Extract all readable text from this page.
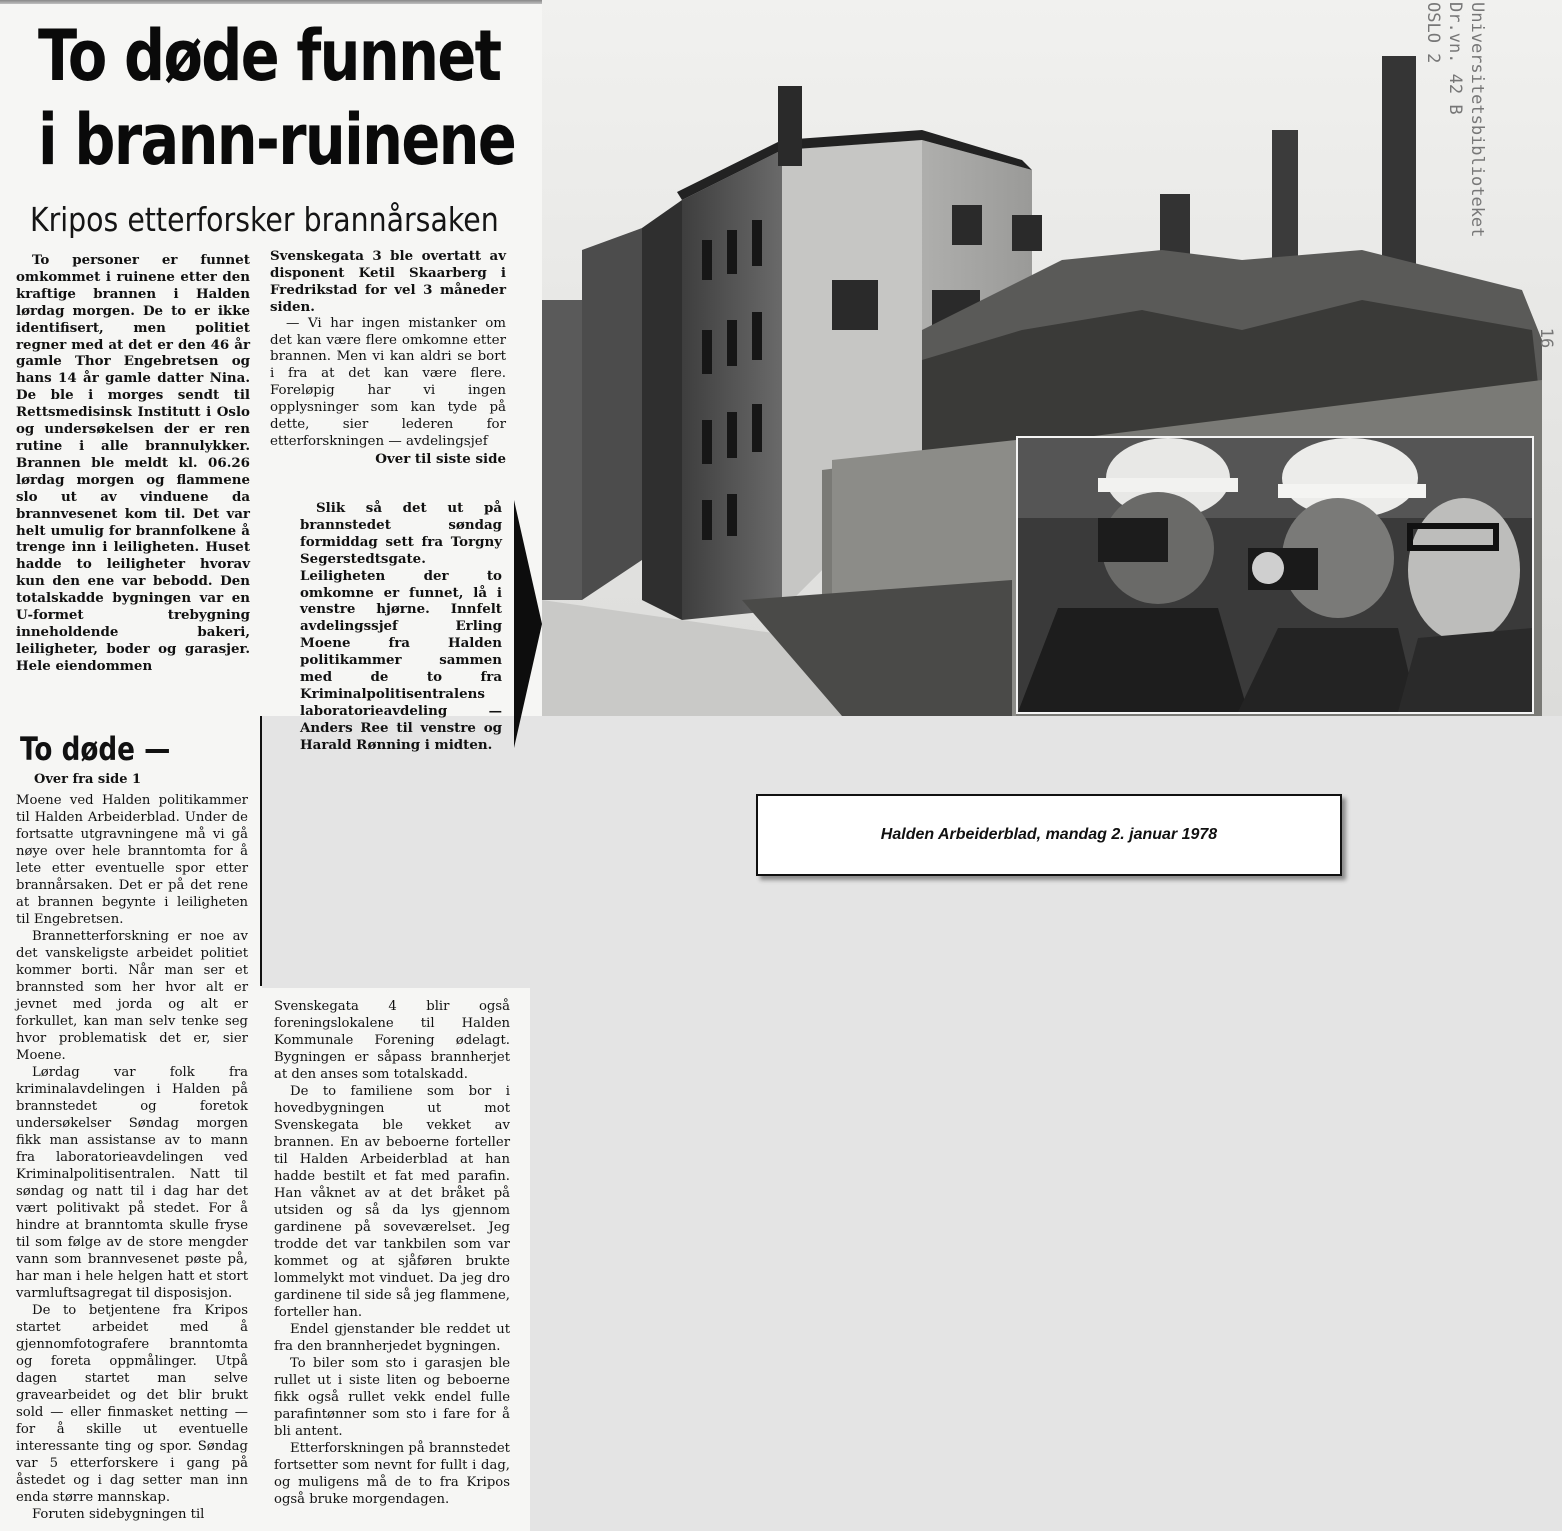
To døde funnet
i brann-ruinene
Kripos etterforsker brannårsaken

To personer er funnet omkommet i ruinene etter den kraftige brannen i Halden lørdag morgen. De to er ikke identifisert, men politiet regner med at det er den 46 år gamle Thor Engebretsen og hans 14 år gamle datter Nina. De ble i morges sendt til Rettsmedisinsk Institutt i Oslo og undersøkelsen der er ren rutine i alle brannulykker. Brannen ble meldt kl. 06.26 lørdag morgen og flammene slo ut av vinduene da brannvesenet kom til. Det var helt umulig for brannfolkene å trenge inn i leiligheten. Huset hadde to leiligheter hvorav kun den ene var bebodd. Den totalskadde bygningen var en U-formet trebygning inneholdende bakeri, leiligheter, boder og garasjer. Hele eiendommen

Svenskegata 3 ble overtatt av disponent Ketil Skaarberg i Fredrikstad for vel 3 måneder siden.

— Vi har ingen mistanker om det kan være flere omkomne etter brannen. Men vi kan aldri se bort i fra at det kan være flere. Foreløpig har vi ingen opplysninger som kan tyde på dette, sier lederen for etterforskningen — avdelingsjef

Over til siste side

Slik så det ut på brannstedet søndag formiddag sett fra Torgny Segerstedtsgate. Leiligheten der to omkomne er funnet, lå i venstre hjørne. Innfelt avdelingssjef Erling Moene fra Halden politikammer sammen med de to fra Kriminalpolitisentralens laboratorieavdeling — Anders Ree til venstre og Harald Rønning i midten.

Dr.vn. 42 B
OSLO 2
16
To døde —
Over fra side 1

Moene ved Halden politikammer til Halden Arbeiderblad. Under de fortsatte utgravningene må vi gå nøye over hele branntomta for å lete etter eventuelle spor etter brannårsaken. Det er på det rene at brannen begynte i leiligheten til Engebretsen.

Brannetterforskning er noe av det vanskeligste arbeidet politiet kommer borti. Når man ser et brannsted som her hvor alt er jevnet med jorda og alt er forkullet, kan man selv tenke seg hvor problematisk det er, sier Moene.

Lørdag var folk fra kriminalavdelingen i Halden på brannstedet og foretok undersøkelser Søndag morgen fikk man assistanse av to mann fra laboratorieavdelingen ved Kriminalpolitisentralen. Natt til søndag og natt til i dag har det vært politivakt på stedet. For å hindre at branntomta skulle fryse til som følge av de store mengder vann som brannvesenet pøste på, har man i hele helgen hatt et stort varmluftsagregat til disposisjon.

De to betjentene fra Kripos startet arbeidet med å gjennomfotografere branntomta og foreta oppmålinger. Utpå dagen startet man selve gravearbeidet og det blir brukt sold — eller finmasket netting — for å skille ut eventuelle interessante ting og spor. Søndag var 5 etterforskere i gang på åstedet og i dag setter man inn enda større mannskap.

Foruten sidebygningen til

Svenskegata 4 blir også foreningslokalene til Halden Kommunale Forening ødelagt. Bygningen er såpass brannherjet at den anses som totalskadd.

De to familiene som bor i hovedbygningen ut mot Svenskegata ble vekket av brannen. En av beboerne forteller til Halden Arbeiderblad at han hadde bestilt et fat med parafin. Han våknet av at det bråket på utsiden og så da lys gjennom gardinene på soveværelset. Jeg trodde det var tankbilen som var kommet og at sjåføren brukte lommelykt mot vinduet. Da jeg dro gardinene til side så jeg flammene, forteller han.

Endel gjenstander ble reddet ut fra den brannherjedet bygningen.

To biler som sto i garasjen ble rullet ut i siste liten og beboerne fikk også rullet vekk endel fulle parafintønner som sto i fare for å bli antent.

Etterforskningen på brannstedet fortsetter som nevnt for fullt i dag, og muligens må de to fra Kripos også bruke morgendagen.

Halden Arbeiderblad, mandag 2. januar 1978
